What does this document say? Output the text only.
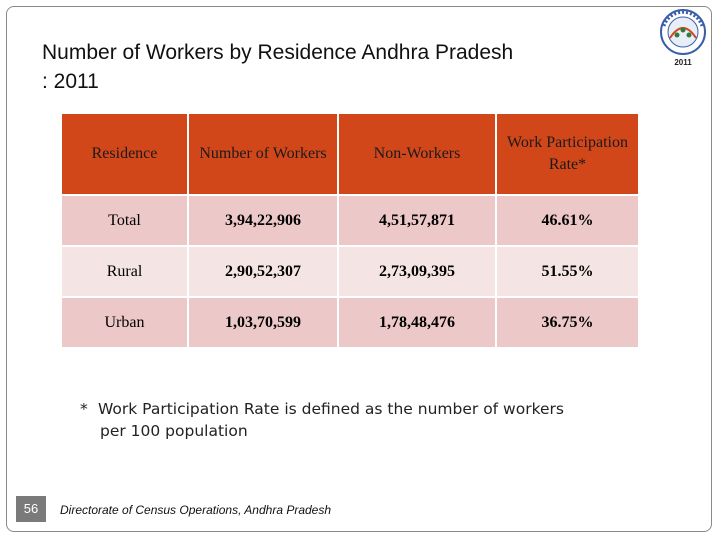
Number of Workers by Residence Andhra Pradesh
: 2011
2011
Residence	Number of Workers	Non-Workers	Work Participation Rate*
Total	3,94,22,906	4,51,57,871	46.61%
Rural	2,90,52,307	2,73,09,395	51.55%
Urban	1,03,70,599	1,78,48,476	36.75%
* Work Participation Rate is defined as the number of workers
per 100 population
56	Directorate of Census Operations, Andhra Pradesh
